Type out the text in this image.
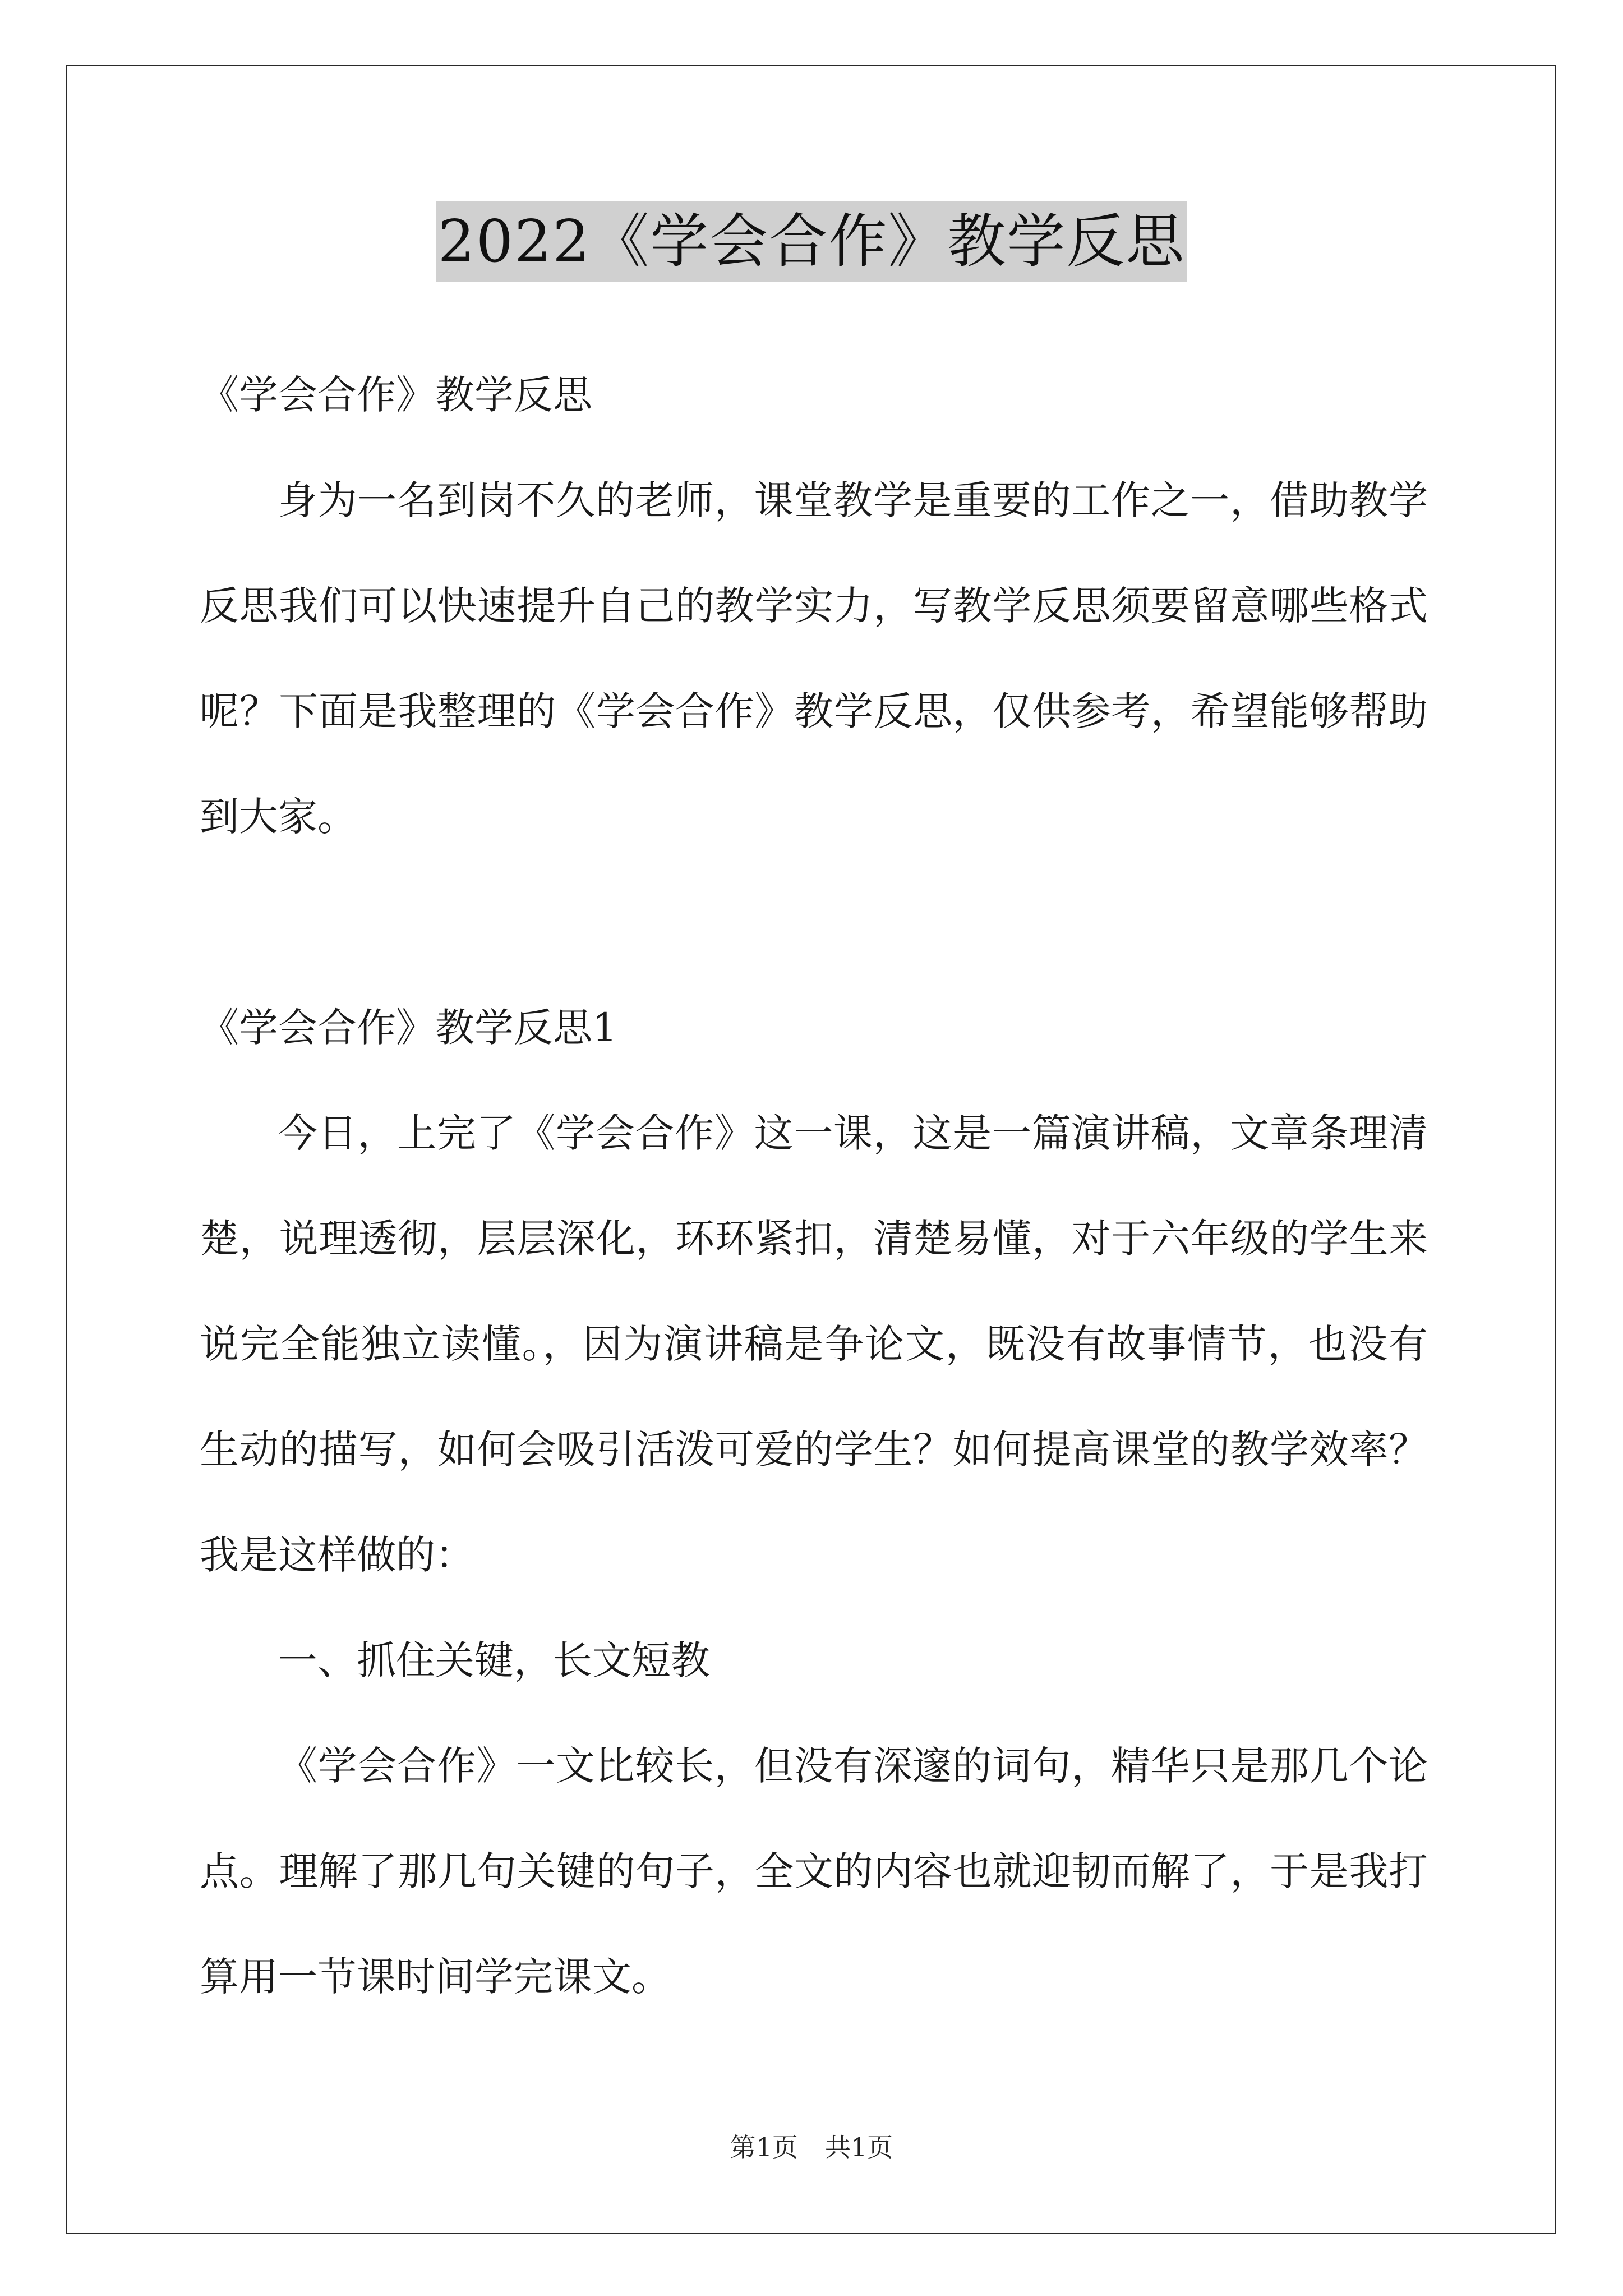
2022《学会合作》教学反思

《学会合作》教学反思

身为一名到岗不久的老师，课堂教学是重要的工作之一，借助教学反思我们可以快速提升自己的教学实力，写教学反思须要留意哪些格式呢？下面是我整理的《学会合作》教学反思，仅供参考，希望能够帮助到大家。

《学会合作》教学反思1

今日，上完了《学会合作》这一课，这是一篇演讲稿，文章条理清楚，说理透彻，层层深化，环环紧扣，清楚易懂，对于六年级的学生来说完全能独立读懂。，因为演讲稿是争论文，既没有故事情节，也没有生动的描写，如何会吸引活泼可爱的学生？如何提高课堂的教学效率？我是这样做的：

一、抓住关键，长文短教

《学会合作》一文比较长，但没有深邃的词句，精华只是那几个论点。理解了那几句关键的句子，全文的内容也就迎韧而解了，于是我打算用一节课时间学完课文。

第1页 共1页
